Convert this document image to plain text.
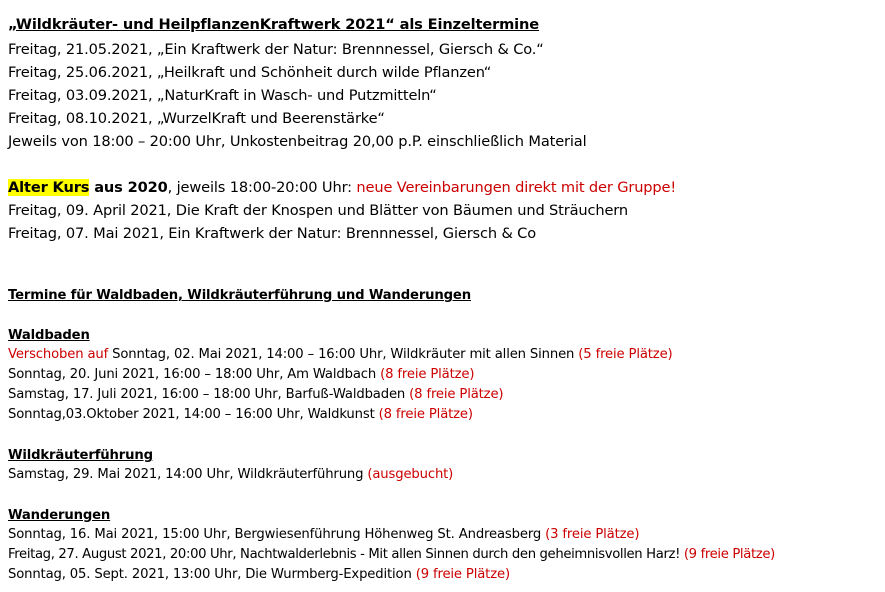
„Wildkräuter- und HeilpflanzenKraftwerk 2021“ als Einzeltermine
Freitag, 21.05.2021, „Ein Kraftwerk der Natur: Brennnessel, Giersch & Co.“
Freitag, 25.06.2021, „Heilkraft und Schönheit durch wilde Pflanzen“
Freitag, 03.09.2021, „NaturKraft in Wasch- und Putzmitteln“
Freitag, 08.10.2021, „WurzelKraft und Beerenstärke“
Jeweils von 18:00 – 20:00 Uhr, Unkostenbeitrag 20,00 p.P. einschließlich Material
Alter Kurs aus 2020, jeweils 18:00-20:00 Uhr: neue Vereinbarungen direkt mit der Gruppe!
Freitag, 09. April 2021, Die Kraft der Knospen und Blätter von Bäumen und Sträuchern
Freitag, 07. Mai 2021, Ein Kraftwerk der Natur: Brennnessel, Giersch & Co
Termine für Waldbaden, Wildkräuterführung und Wanderungen
Waldbaden
Verschoben auf Sonntag, 02. Mai 2021, 14:00 – 16:00 Uhr, Wildkräuter mit allen Sinnen (5 freie Plätze)
Sonntag, 20. Juni 2021, 16:00 – 18:00 Uhr, Am Waldbach (8 freie Plätze)
Samstag, 17. Juli 2021, 16:00 – 18:00 Uhr, Barfuß-Waldbaden (8 freie Plätze)
Sonntag,03.Oktober 2021, 14:00 – 16:00 Uhr, Waldkunst (8 freie Plätze)
Wildkräuterführung
Samstag, 29. Mai 2021, 14:00 Uhr, Wildkräuterführung (ausgebucht)
Wanderungen
Sonntag, 16. Mai 2021, 15:00 Uhr, Bergwiesenführung Höhenweg St. Andreasberg (3 freie Plätze)
Freitag, 27. August 2021, 20:00 Uhr, Nachtwalderlebnis - Mit allen Sinnen durch den geheimnisvollen Harz! (9 freie Plätze)
Sonntag, 05. Sept. 2021, 13:00 Uhr, Die Wurmberg-Expedition (9 freie Plätze)
